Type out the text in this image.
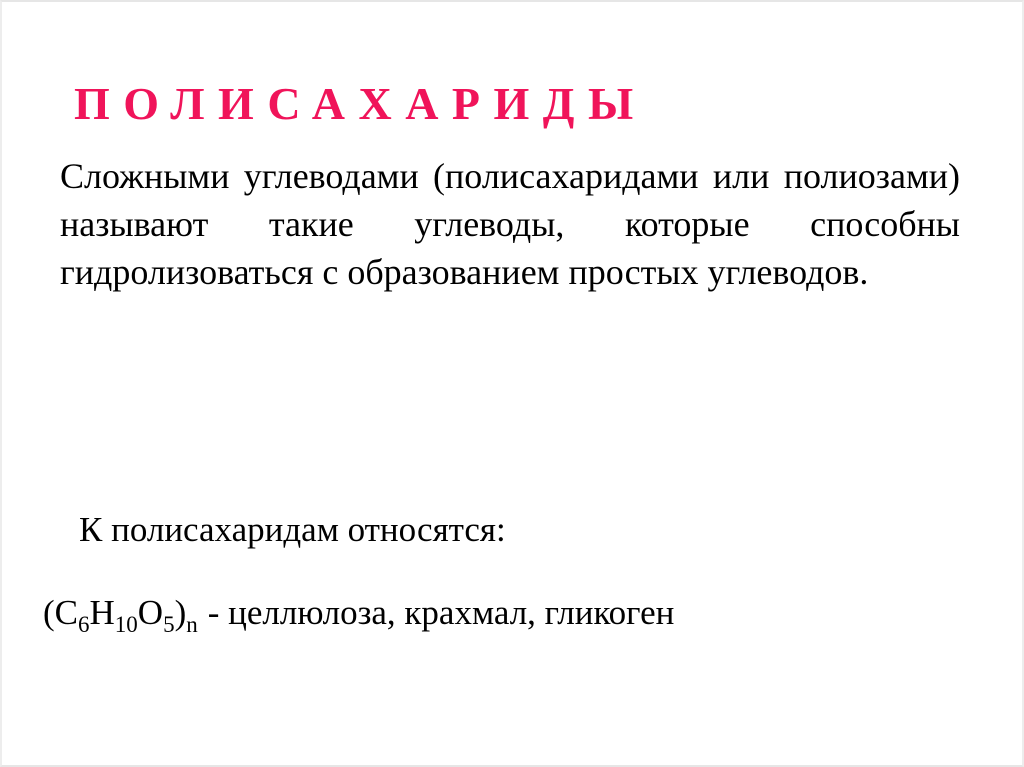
ПОЛИСАХАРИДЫ

Сложными углеводами (полисахаридами или полиозами) называют такие углеводы, которые способны гидролизоваться с образованием простых углеводов.

К полисахаридам относятся:

$(C_6H_{10}O_5)_n$ - целлюлоза, крахмал, гликоген
